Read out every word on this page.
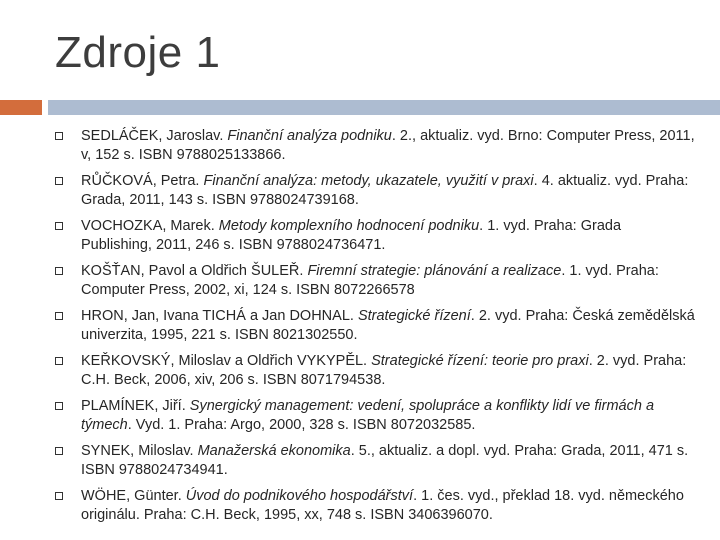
Zdroje 1
SEDLÁČEK, Jaroslav. Finanční analýza podniku. 2., aktualiz. vyd. Brno: Computer Press, 2011, v, 152 s. ISBN 9788025133866.
RŮČKOVÁ, Petra. Finanční analýza: metody, ukazatele, využití v praxi. 4. aktualiz. vyd. Praha: Grada, 2011, 143 s. ISBN 9788024739168.
VOCHOZKA, Marek. Metody komplexního hodnocení podniku. 1. vyd. Praha: Grada Publishing, 2011, 246 s. ISBN 9788024736471.
KOŠŤAN, Pavol a Oldřich ŠULEŘ. Firemní strategie: plánování a realizace. 1. vyd. Praha: Computer Press, 2002, xi, 124 s. ISBN 8072266578
HRON, Jan, Ivana TICHÁ a Jan DOHNAL. Strategické řízení. 2. vyd. Praha: Česká zemědělská univerzita, 1995, 221 s. ISBN 8021302550.
KEŘKOVSKÝ, Miloslav a Oldřich VYKYPĚL. Strategické řízení: teorie pro praxi. 2. vyd. Praha: C.H. Beck, 2006, xiv, 206 s. ISBN 8071794538.
PLAMÍNEK, Jiří. Synergický management: vedení, spolupráce a konflikty lidí ve firmách a týmech. Vyd. 1. Praha: Argo, 2000, 328 s. ISBN 8072032585.
SYNEK, Miloslav. Manažerská ekonomika. 5., aktualiz. a dopl. vyd. Praha: Grada, 2011, 471 s. ISBN 9788024734941.
WÖHE, Günter. Úvod do podnikového hospodářství. 1. čes. vyd., překlad 18. vyd. německého originálu. Praha: C.H. Beck, 1995, xx, 748 s. ISBN 3406396070.
